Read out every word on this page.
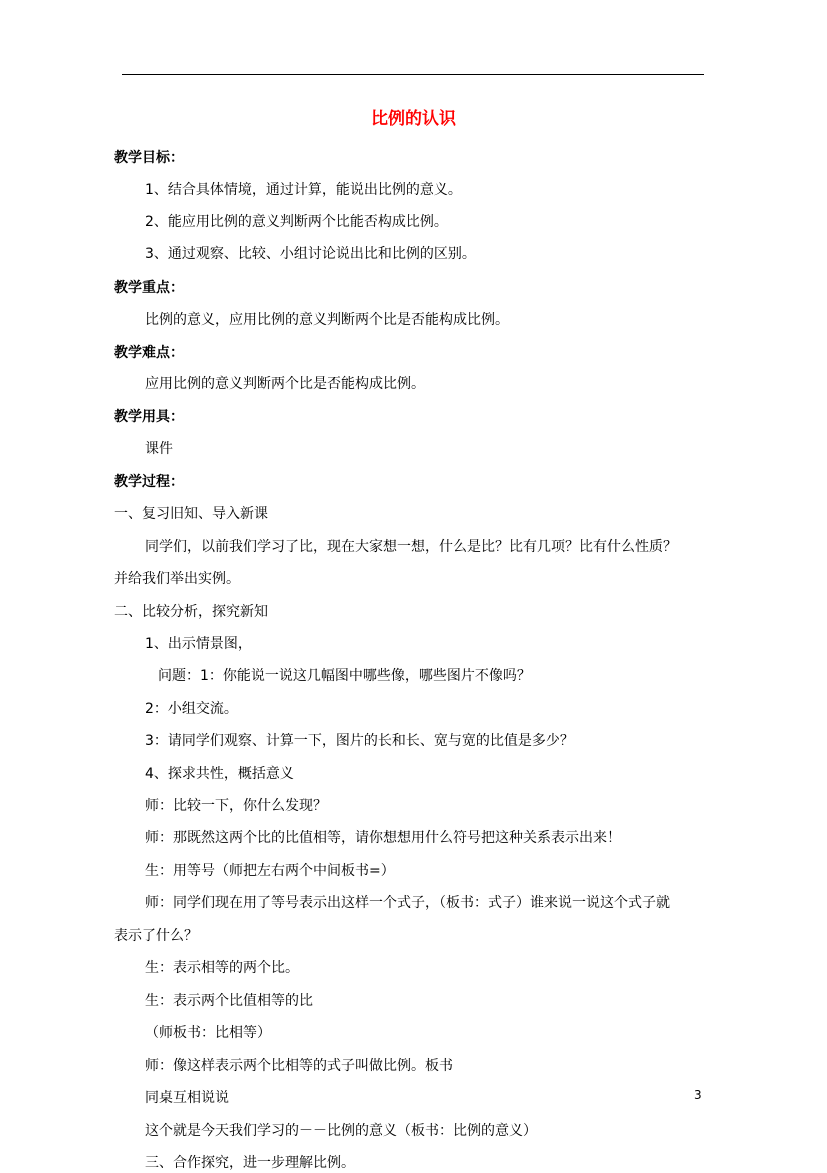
比例的认识
教学目标：
1、结合具体情境，通过计算，能说出比例的意义。
2、能应用比例的意义判断两个比能否构成比例。
3、通过观察、比较、小组讨论说出比和比例的区别。
教学重点：
比例的意义，应用比例的意义判断两个比是否能构成比例。
教学难点：
应用比例的意义判断两个比是否能构成比例。
教学用具：
课件
教学过程：
一、复习旧知、导入新课
同学们，以前我们学习了比，现在大家想一想，什么是比？比有几项？比有什么性质？
并给我们举出实例。
二、比较分析，探究新知
1、出示情景图，
问题：1：你能说一说这几幅图中哪些像，哪些图片不像吗？
2：小组交流。
3：请同学们观察、计算一下，图片的长和长、宽与宽的比值是多少？
4、探求共性，概括意义
师：比较一下，你什么发现？
师：那既然这两个比的比值相等，请你想想用什么符号把这种关系表示出来！
生：用等号（师把左右两个中间板书=）
师：同学们现在用了等号表示出这样一个式子，（板书：式子）谁来说一说这个式子就
表示了什么？
生：表示相等的两个比。
生：表示两个比值相等的比
（师板书：比相等）
师：像这样表示两个比相等的式子叫做比例。板书
同桌互相说说
这个就是今天我们学习的－－比例的意义（板书：比例的意义）
三、合作探究，进一步理解比例。
3
